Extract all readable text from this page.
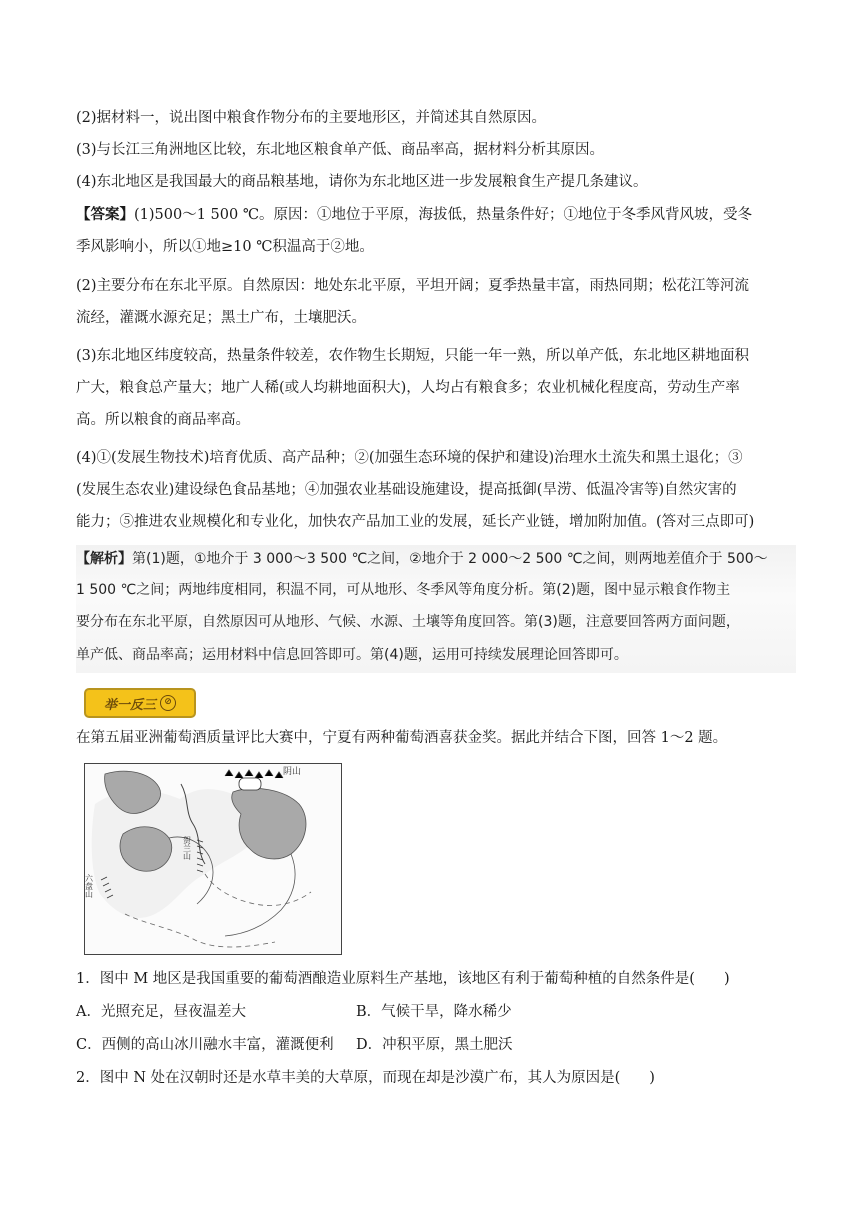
(2)据材料一，说出图中粮食作物分布的主要地形区，并简述其自然原因。
(3)与长江三角洲地区比较，东北地区粮食单产低、商品率高，据材料分析其原因。
(4)东北地区是我国最大的商品粮基地，请你为东北地区进一步发展粮食生产提几条建议。
【答案】(1)500～1 500 ℃。原因：①地位于平原，海拔低，热量条件好；①地位于冬季风背风坡，受冬
季风影响小，所以①地≥10 ℃积温高于②地。
(2)主要分布在东北平原。自然原因：地处东北平原，平坦开阔；夏季热量丰富，雨热同期；松花江等河流
流经，灌溉水源充足；黑土广布，土壤肥沃。
(3)东北地区纬度较高，热量条件较差，农作物生长期短，只能一年一熟，所以单产低，东北地区耕地面积
广大，粮食总产量大；地广人稀(或人均耕地面积大)，人均占有粮食多；农业机械化程度高，劳动生产率
高。所以粮食的商品率高。
(4)①(发展生物技术)培育优质、高产品种；②(加强生态环境的保护和建设)治理水土流失和黑土退化；③
(发展生态农业)建设绿色食品基地；④加强农业基础设施建设，提高抵御(旱涝、低温冷害等)自然灾害的
能力；⑤推进农业规模化和专业化，加快农产品加工业的发展，延长产业链，增加附加值。(答对三点即可)
【解析】第(1)题，①地介于 3 000～3 500 ℃之间，②地介于 2 000～2 500 ℃之间，则两地差值介于 500～
1 500 ℃之间；两地纬度相同，积温不同，可从地形、冬季风等角度分析。第(2)题，图中显示粮食作物主
要分布在东北平原，自然原因可从地形、气候、水源、土壤等角度回答。第(3)题，注意要回答两方面问题，
单产低、商品率高；运用材料中信息回答即可。第(4)题，运用可持续发展理论回答即可。
举一反三 ⊘
在第五届亚洲葡萄酒质量评比大赛中，宁夏有两种葡萄酒喜获金奖。据此并结合下图，回答 1～2 题。
阴山
贺兰山
六盘山
1．图中 M 地区是我国重要的葡萄酒酿造业原料生产基地，该地区有利于葡萄种植的自然条件是(　　)
A．光照充足，昼夜温差大	B．气候干旱，降水稀少
C．西侧的高山冰川融水丰富，灌溉便利 D．冲积平原，黑土肥沃
2．图中 N 处在汉朝时还是水草丰美的大草原，而现在却是沙漠广布，其人为原因是(　　)
